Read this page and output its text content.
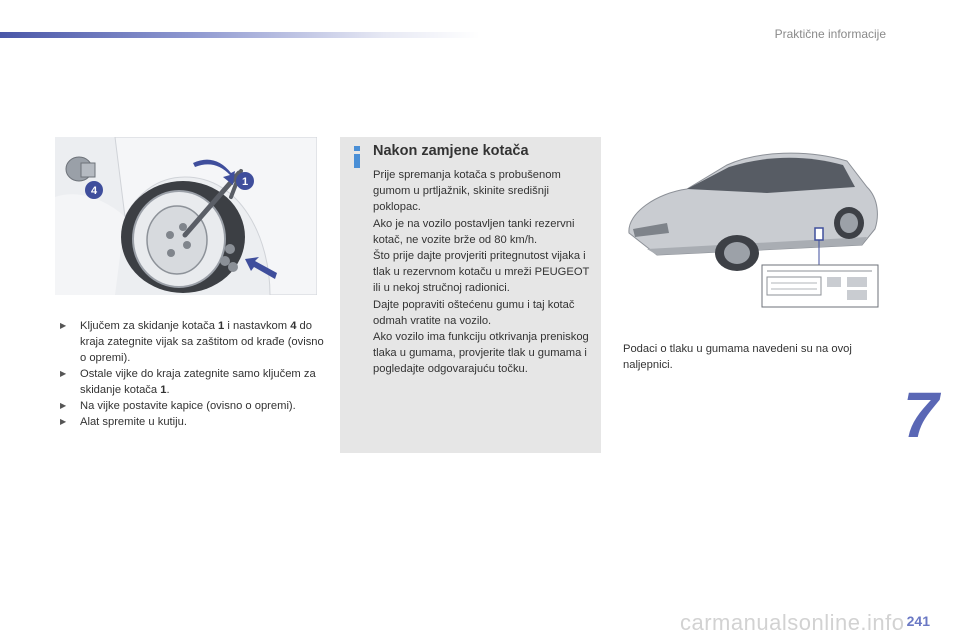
Praktične informacije
1
4
▶ Ključem za skidanje kotača 1 i nastavkom 4 do kraja zategnite vijak sa zaštitom od krađe (ovisno o opremi).
▶ Ostale vijke do kraja zategnite samo ključem za skidanje kotača 1.
▶ Na vijke postavite kapice (ovisno o opremi).
▶ Alat spremite u kutiju.
Nakon zamjene kotača
Prije spremanja kotača s probušenom gumom u prtljažnik, skinite središnji poklopac.
Ako je na vozilo postavljen tanki rezervni kotač, ne vozite brže od 80 km/h.
Što prije dajte provjeriti pritegnutost vijaka i tlak u rezervnom kotaču u mreži PEUGEOT ili u nekoj stručnoj radionici.
Dajte popraviti oštećenu gumu i taj kotač odmah vratite na vozilo.
Ako vozilo ima funkciju otkrivanja preniskog tlaka u gumama, provjerite tlak u gumama i pogledajte odgovarajuću točku.
Podaci o tlaku u gumama navedeni su na ovoj naljepnici.
7
carmanualsonline.info 241
